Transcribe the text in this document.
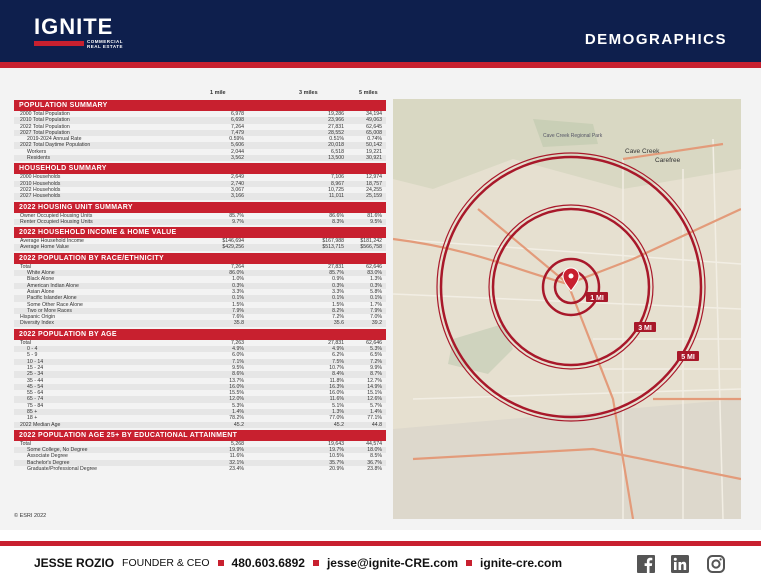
IGNITE
COMMERCIAL
REAL ESTATE	DEMOGRAPHICS
1 mile	3 miles	5 miles
POPULATION SUMMARY
2000 Total Population	6,978	19,286	34,194
2010 Total Population	6,698	23,966	49,063
2022 Total Population	7,264	27,831	62,645
2027 Total Population	7,479	28,552	65,008
2019-2024 Annual Rate	0.59%	0.51%	0.74%
2022 Total Daytime Population	5,606	20,018	50,142
Workers	2,044	6,518	19,221
Residents	3,562	13,500	30,921
HOUSEHOLD SUMMARY
2000 Households	2,649	7,106	12,974
2010 Households	2,740	8,967	18,757
2022 Households	3,067	10,725	24,255
2027 Households	3,166	11,011	25,159
2022 HOUSING UNIT SUMMARY
Owner Occupied Housing Units	85.7%	86.6%	81.6%
Renter Occupied Housing Units	9.7%	8.3%	9.5%
2022 HOUSEHOLD INCOME & HOME VALUE
Average Household Income	$146,694	$167,988	$181,242
Average Home Value	$429,256	$513,715	$566,758
2022 POPULATION BY RACE/ETHNICITY
Total	7,264	27,831	62,646
White Alone	86.0%	85.7%	83.0%
Black Alone	1.0%	0.9%	1.3%
American Indian Alone	0.3%	0.3%	0.3%
Asian Alone	3.3%	3.3%	5.8%
Pacific Islander Alone	0.1%	0.1%	0.1%
Some Other Race Alone	1.5%	1.5%	1.7%
Two or More Races	7.9%	8.2%	7.9%
Hispanic Origin	7.6%	7.2%	7.0%
Diversity Index	35.8	35.6	39.2
2022 POPULATION BY AGE
Total	7,263	27,831	62,646
0 - 4	4.9%	4.9%	5.3%
5 - 9	6.0%	6.2%	6.5%
10 - 14	7.1%	7.5%	7.2%
15 - 24	9.5%	10.7%	9.9%
25 - 34	8.6%	8.4%	8.7%
35 - 44	13.7%	11.8%	12.7%
45 - 54	16.0%	16.3%	14.9%
55 - 64	15.5%	16.0%	15.1%
65 - 74	12.0%	11.6%	12.6%
75 - 84	5.3%	5.1%	5.7%
85 +	1.4%	1.3%	1.4%
18 +	78.2%	77.0%	77.1%
2022 Median Age	45.2	45.2	44.8
2022 POPULATION AGE 25+ BY EDUCATIONAL ATTAINMENT
Total	5,268	19,643	44,574
Some College, No Degree	19.9%	19.7%	18.0%
Associate Degree	11.6%	10.5%	8.5%
Bachelor's Degree	32.1%	35.7%	36.7%
Graduate/Professional Degree	23.4%	20.9%	23.8%
© ESRI 2022
1 MI
3 MI
5 MI
Cave Creek
Carefree
Cave Creek Regional Park
JESSE ROZIO FOUNDER & CEO 480.603.6892 jesse@ignite-CRE.com ignite-cre.com
